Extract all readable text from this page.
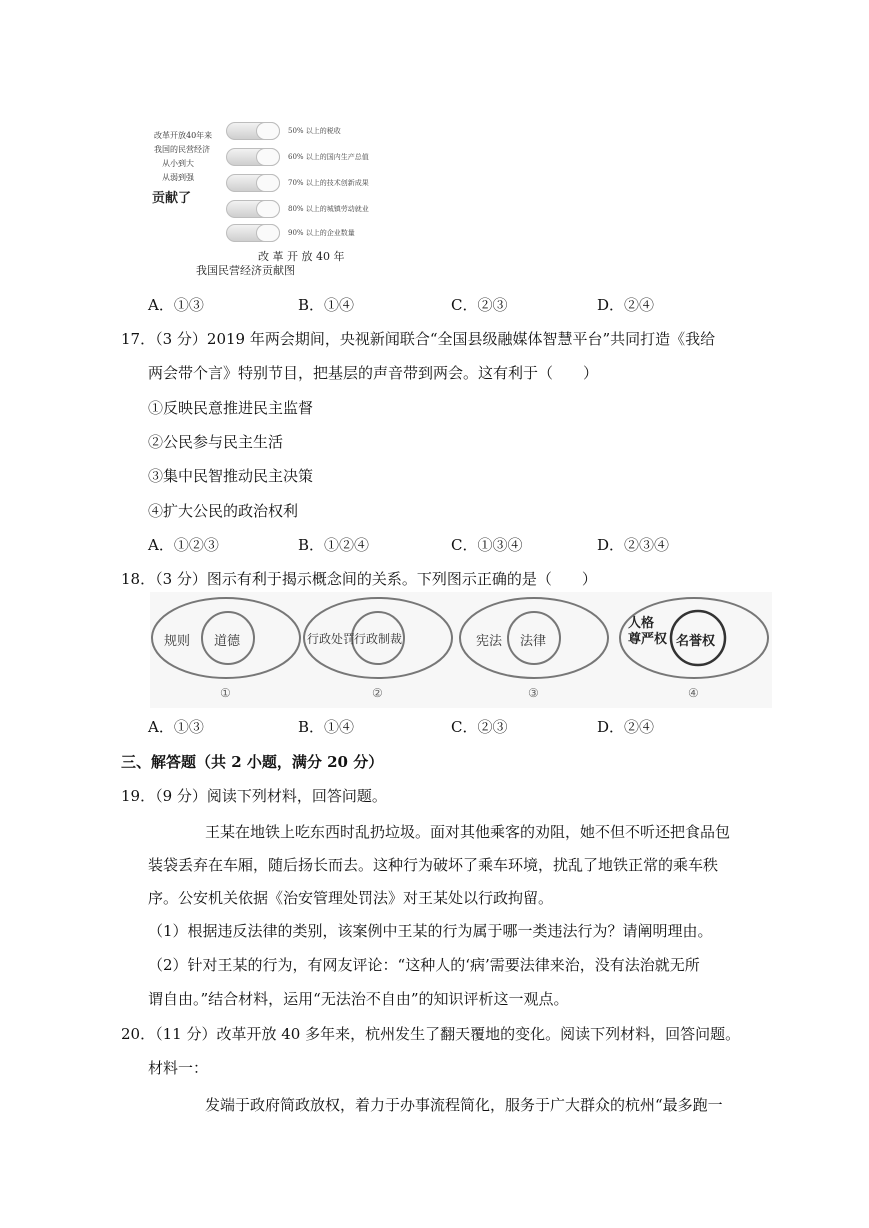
改革开放40年来
我国的民营经济
从小到大
从弱到强
贡献了
50% 以上的税收
60% 以上的国内生产总值
70% 以上的技术创新成果
80% 以上的城镇劳动就业
90% 以上的企业数量
改 革 开 放 40 年
我国民营经济贡献图
A．①③	B．①④	C．②③	D．②④
17．（3 分）2019 年两会期间，央视新闻联合“全国县级融媒体智慧平台”共同打造《我给
两会带个言》特别节目，把基层的声音带到两会。这有利于（　　）
①反映民意推进民主监督
②公民参与民主生活
③集中民智推动民主决策
④扩大公民的政治权利
A．①②③	B．①②④	C．①③④	D．②③④
18．（3 分）图示有利于揭示概念间的关系。下列图示正确的是（　　）
规则 道德	行政处罚
行政制裁	宪法 法律
人格
尊严权 名誉权
①	②	③	④
A．①③	B．①④	C．②③	D．②④
三、解答题（共 2 小题，满分 20 分）
19．（9 分）阅读下列材料，回答问题。
王某在地铁上吃东西时乱扔垃圾。面对其他乘客的劝阻，她不但不听还把食品包
装袋丢弃在车厢，随后扬长而去。这种行为破坏了乘车环境，扰乱了地铁正常的乘车秩
序。公安机关依据《治安管理处罚法》对王某处以行政拘留。
（1）根据违反法律的类别，该案例中王某的行为属于哪一类违法行为？请阐明理由。
（2）针对王某的行为，有网友评论：“这种人的‘病’需要法律来治，没有法治就无所
谓自由。”结合材料，运用“无法治不自由”的知识评析这一观点。
20．（11 分）改革开放 40 多年来，杭州发生了翻天覆地的变化。阅读下列材料，回答问题。
材料一：
发端于政府简政放权，着力于办事流程简化，服务于广大群众的杭州“最多跑一
